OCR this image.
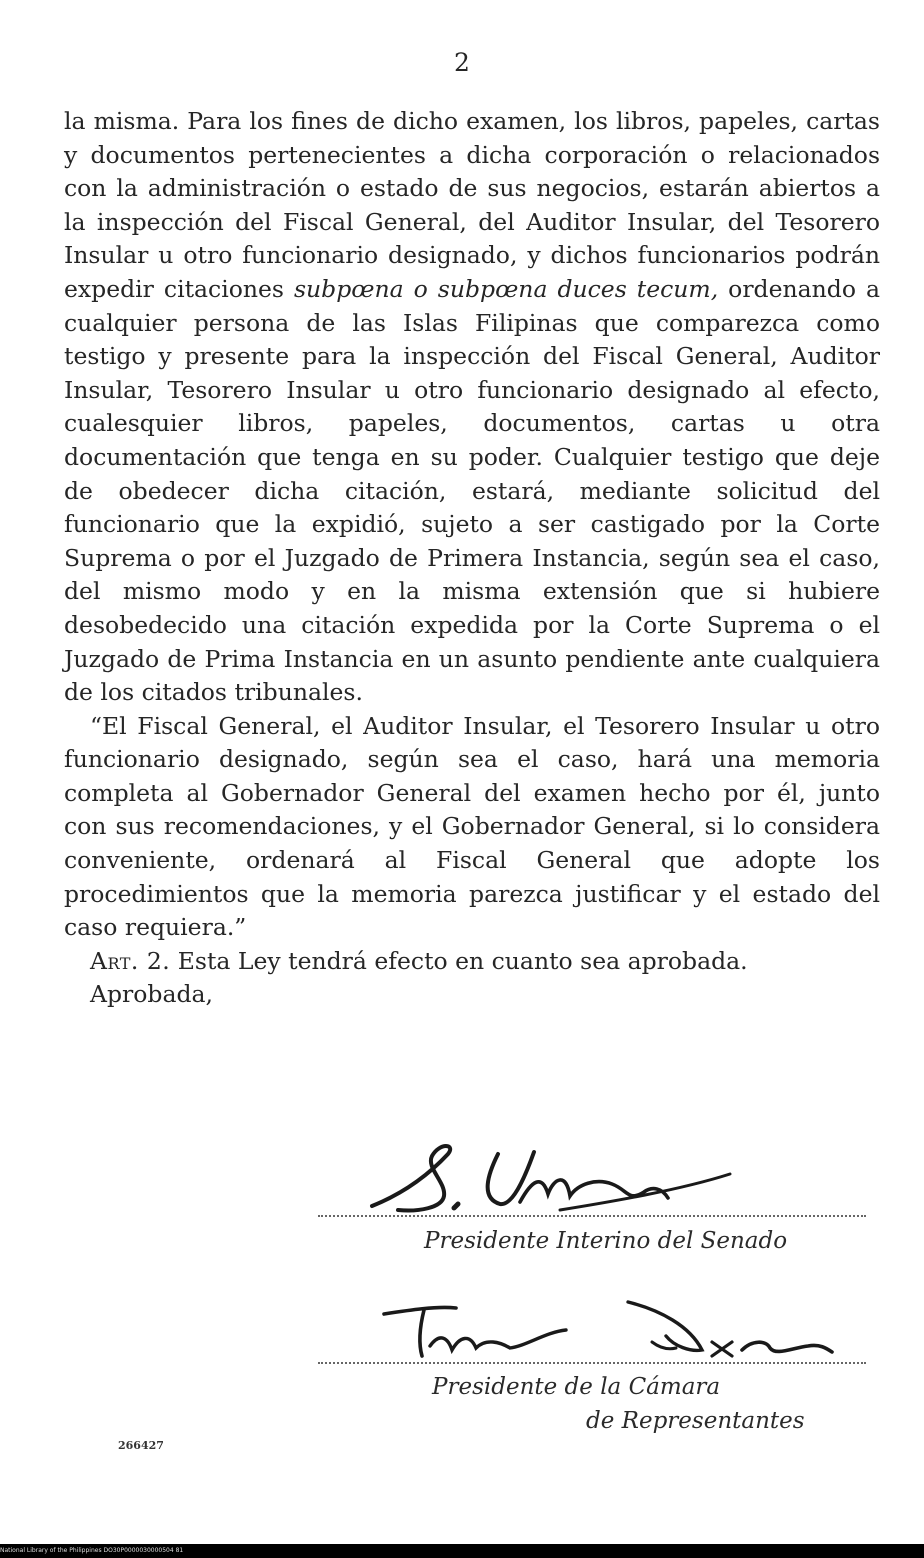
2

la misma. Para los fines de dicho examen, los libros, papeles, cartas y documentos pertenecientes a dicha corporación o relacionados con la administración o estado de sus negocios, estarán abiertos a la inspección del Fiscal General, del Auditor Insular, del Tesorero Insular u otro funcionario designado, y dichos funcionarios podrán expedir citaciones subpœna o subpœna duces tecum, ordenando a cualquier persona de las Islas Filipinas que comparezca como testigo y presente para la inspección del Fiscal General, Auditor Insular, Tesorero Insular u otro funcionario designado al efecto, cualesquier libros, papeles, documentos, cartas u otra documentación que tenga en su poder. Cualquier testigo que deje de obedecer dicha citación, estará, mediante solicitud del funcionario que la expidió, sujeto a ser castigado por la Corte Suprema o por el Juzgado de Primera Instancia, según sea el caso, del mismo modo y en la misma extensión que si hubiere desobedecido una citación expedida por la Corte Suprema o el Juzgado de Prima Instancia en un asunto pendiente ante cualquiera de los citados tribunales.

“El Fiscal General, el Auditor Insular, el Tesorero Insular u otro funcionario designado, según sea el caso, hará una memoria completa al Gobernador General del examen hecho por él, junto con sus recomendaciones, y el Gobernador General, si lo considera conveniente, ordenará al Fiscal General que adopte los procedimientos que la memoria parezca justificar y el estado del caso requiera.”

Art. 2. Esta Ley tendrá efecto en cuanto sea aprobada.

Aprobada,

Presidente Interino del Senado
Presidente de la Cámara
de Representantes
266427
National Library of the Philippines DO30P0000030000504 81
